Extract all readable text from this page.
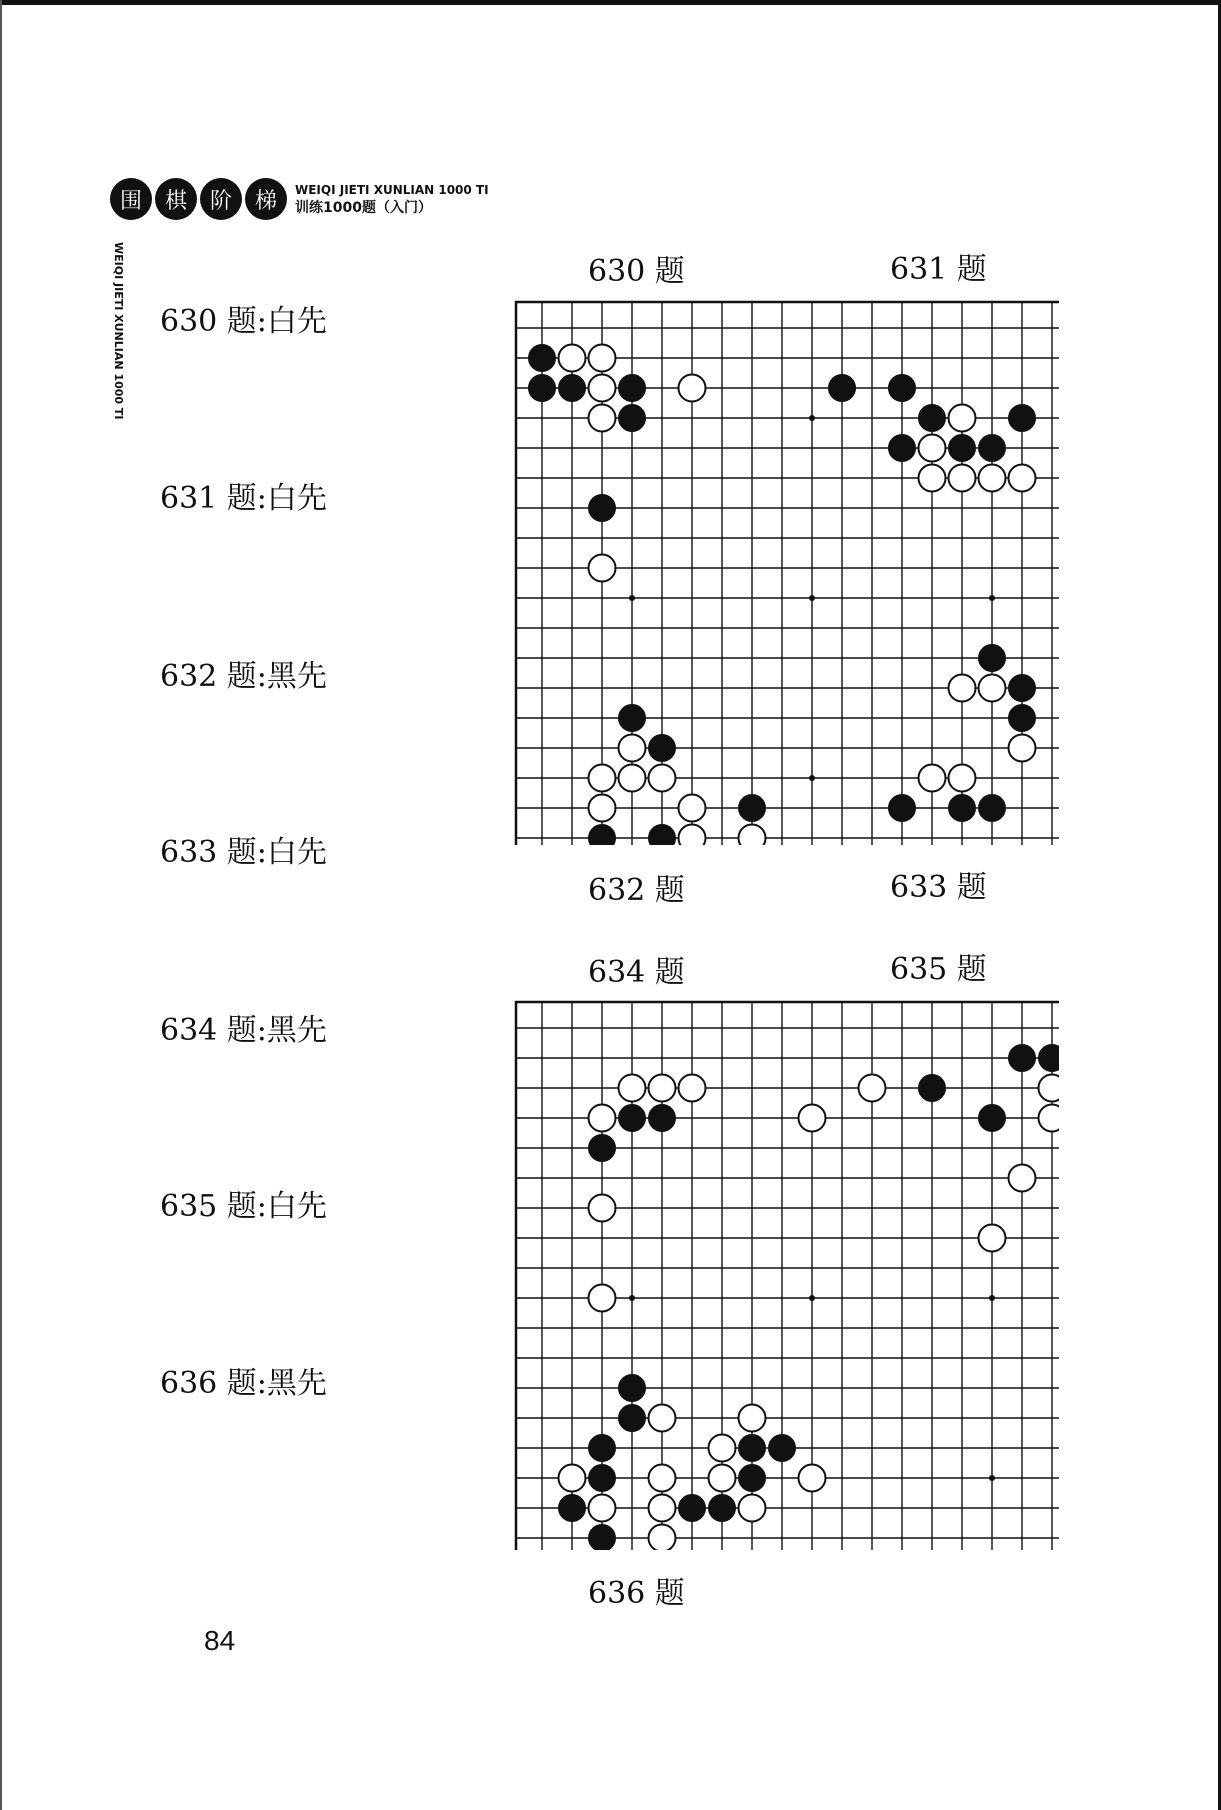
围	棋	阶	梯	WEIQI JIETI XUNLIAN 1000 TI
训练1000题（入门）
WEIQI JIETI XUNLIAN 1000 TI 630 题:白先
631 题:白先
632 题:黑先
633 题:白先
634 题:黑先
635 题:白先
636 题:黑先
630 题	631 题
632 题	633 题
634 题	635 题
636 题
84
